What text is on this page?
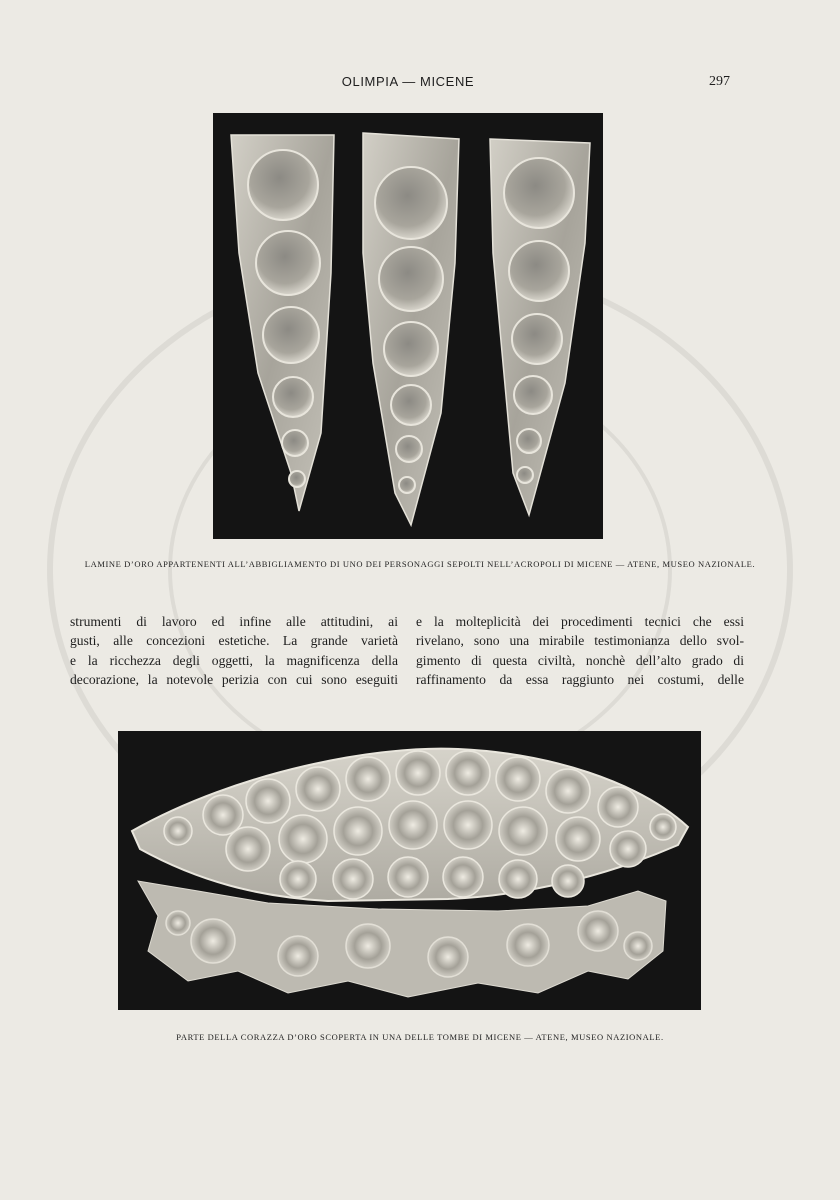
OLIMPIA — MICENE	297
LAMINE D’ORO APPARTENENTI ALL’ABBIGLIAMENTO DI UNO DEI PERSONAGGI SEPOLTI NELL’ACROPOLI DI MICENE — ATENE, MUSEO NAZIONALE.
strumenti di lavoro ed infine alle attitudini, ai
gusti, alle concezioni estetiche. La grande varietà
e la ricchezza degli oggetti, la magnificenza della
decorazione, la notevole perizia con cui sono eseguiti
e la molteplicità dei procedimenti tecnici che essi
rivelano, sono una mirabile testimonianza dello svol-
gimento di questa civiltà, nonchè dell’alto grado di
raffinamento da essa raggiunto nei costumi, delle
PARTE DELLA CORAZZA D’ORO SCOPERTA IN UNA DELLE TOMBE DI MICENE — ATENE, MUSEO NAZIONALE.
